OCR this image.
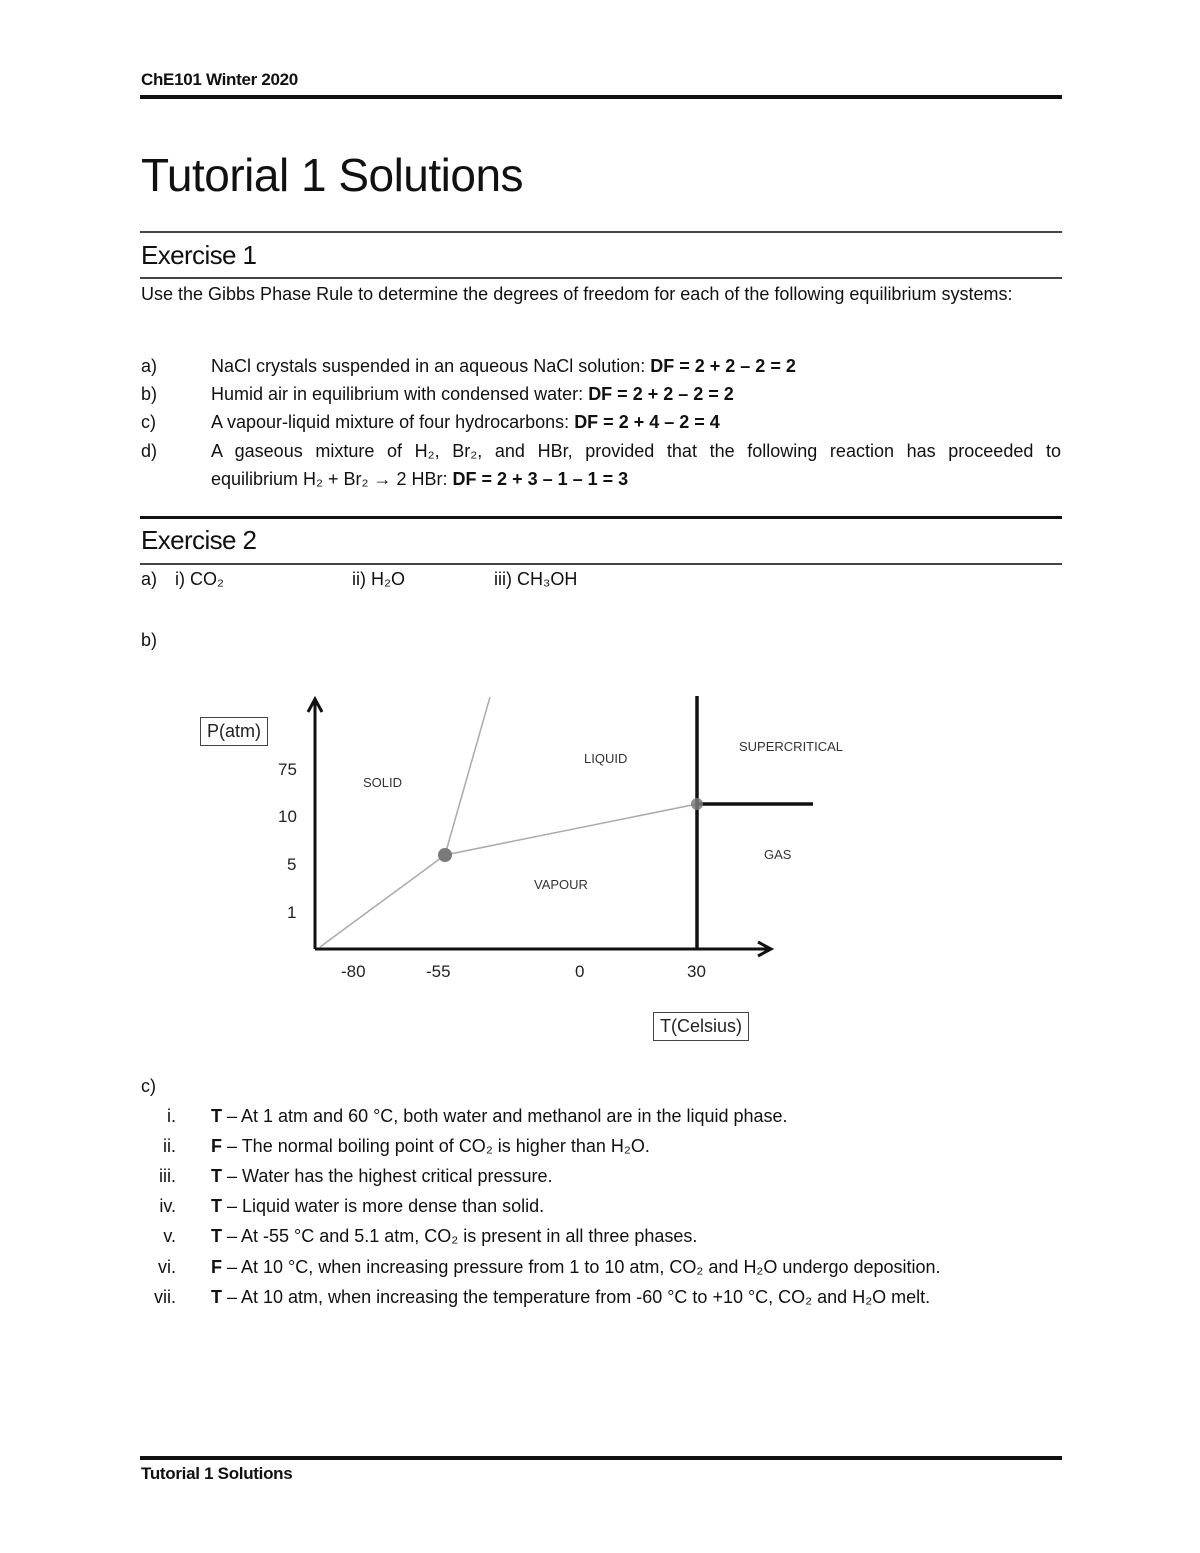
ChE101 Winter 2020
Tutorial 1 Solutions
Exercise 1
Use the Gibbs Phase Rule to determine the degrees of freedom for each of the following equilibrium systems:
a)	NaCl crystals suspended in an aqueous NaCl solution: DF = 2 + 2 – 2 = 2
b)	Humid air in equilibrium with condensed water: DF = 2 + 2 – 2 = 2
c)	A vapour-liquid mixture of four hydrocarbons: DF = 2 + 4 – 2 = 4
d)	A gaseous mixture of H₂, Br₂, and HBr, provided that the following reaction has proceeded to
equilibrium H₂ + Br₂ → 2 HBr: DF = 2 + 3 – 1 – 1 = 3
Exercise 2
a) i) CO₂	ii) H₂O	iii) CH₃OH
b)
P(atm)
75
10
5
1
-80	-55	0	30
T(Celsius)
SOLID
LIQUID
VAPOUR
SUPERCRITICAL
GAS
c)
i. T – At 1 atm and 60 °C, both water and methanol are in the liquid phase.
ii. F – The normal boiling point of CO₂ is higher than H₂O.
iii. T – Water has the highest critical pressure.
iv. T – Liquid water is more dense than solid.
v. T – At -55 °C and 5.1 atm, CO₂ is present in all three phases.
vi. F – At 10 °C, when increasing pressure from 1 to 10 atm, CO₂ and H₂O undergo deposition.
vii. T – At 10 atm, when increasing the temperature from -60 °C to +10 °C, CO₂ and H₂O melt.
Tutorial 1 Solutions
